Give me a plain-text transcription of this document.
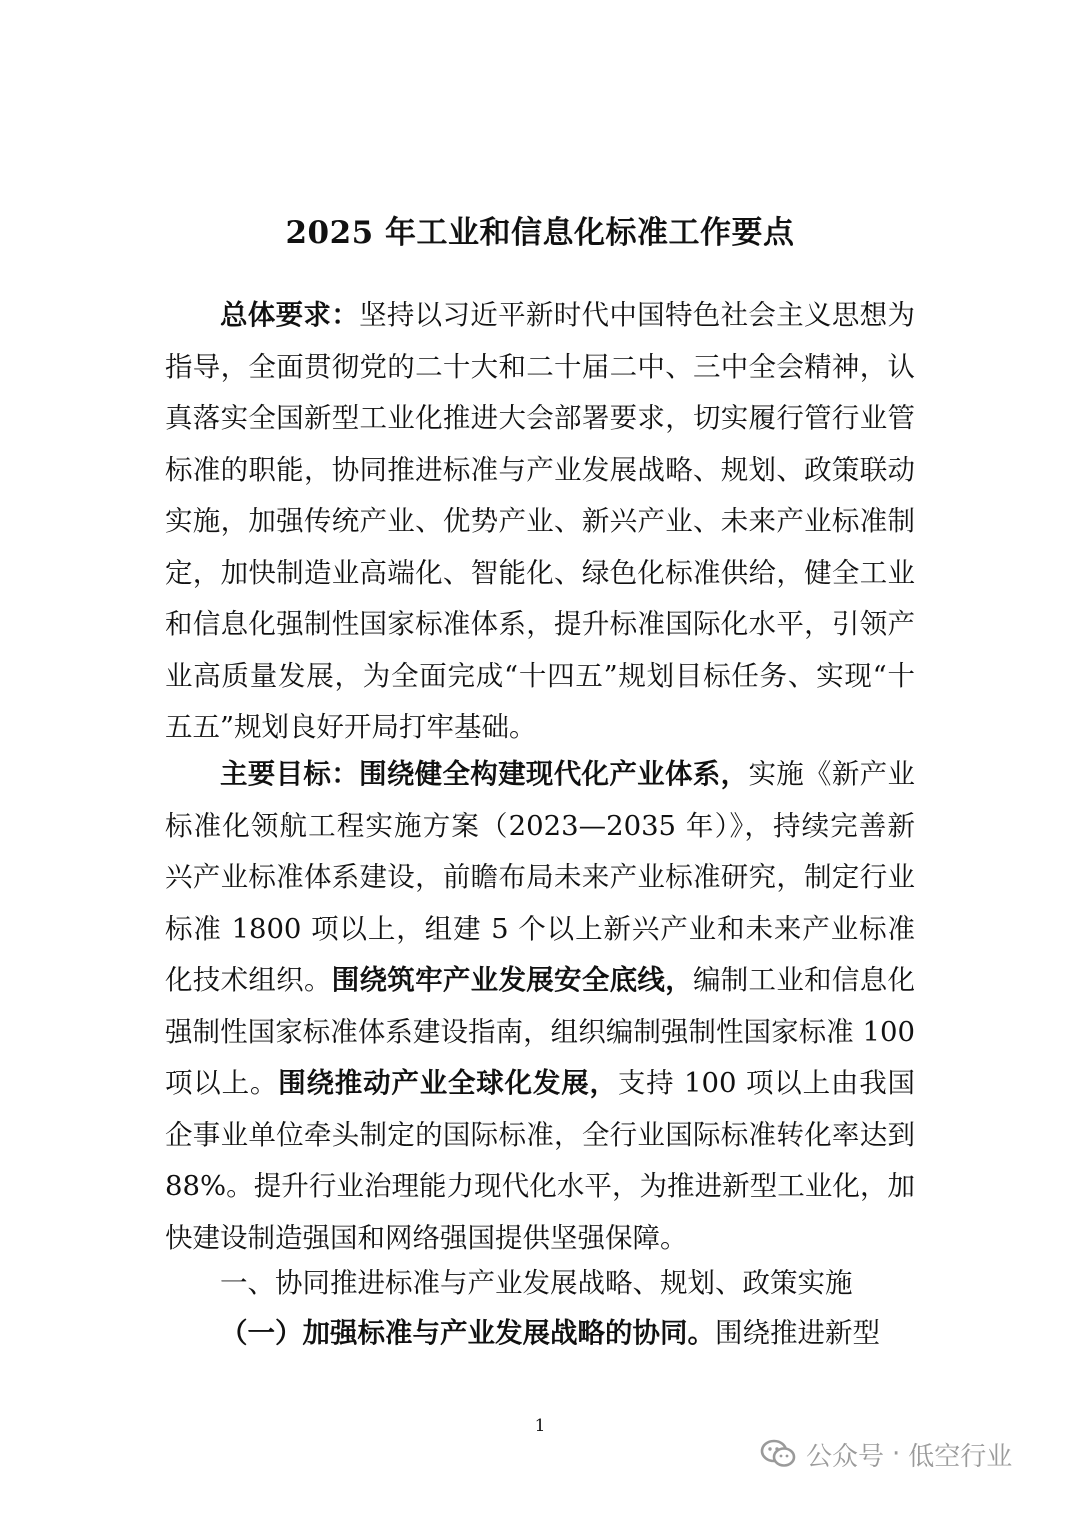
2025 年工业和信息化标准工作要点

总体要求：坚持以习近平新时代中国特色社会主义思想为指导，全面贯彻党的二十大和二十届二中、三中全会精神，认真落实全国新型工业化推进大会部署要求，切实履行管行业管标准的职能，协同推进标准与产业发展战略、规划、政策联动实施，加强传统产业、优势产业、新兴产业、未来产业标准制定，加快制造业高端化、智能化、绿色化标准供给，健全工业和信息化强制性国家标准体系，提升标准国际化水平，引领产业高质量发展，为全面完成“十四五”规划目标任务、实现“十五五”规划良好开局打牢基础。

主要目标：围绕健全构建现代化产业体系，实施《新产业标准化领航工程实施方案（2023—2035 年）》，持续完善新兴产业标准体系建设，前瞻布局未来产业标准研究，制定行业标准 1800 项以上，组建 5 个以上新兴产业和未来产业标准化技术组织。围绕筑牢产业发展安全底线，编制工业和信息化强制性国家标准体系建设指南，组织编制强制性国家标准 100 项以上。围绕推动产业全球化发展，支持 100 项以上由我国企事业单位牵头制定的国际标准，全行业国际标准转化率达到 88%。提升行业治理能力现代化水平，为推进新型工业化，加快建设制造强国和网络强国提供坚强保障。

一、协同推进标准与产业发展战略、规划、政策实施

（一）加强标准与产业发展战略的协同。围绕推进新型

1
公众号 · 低空行业
